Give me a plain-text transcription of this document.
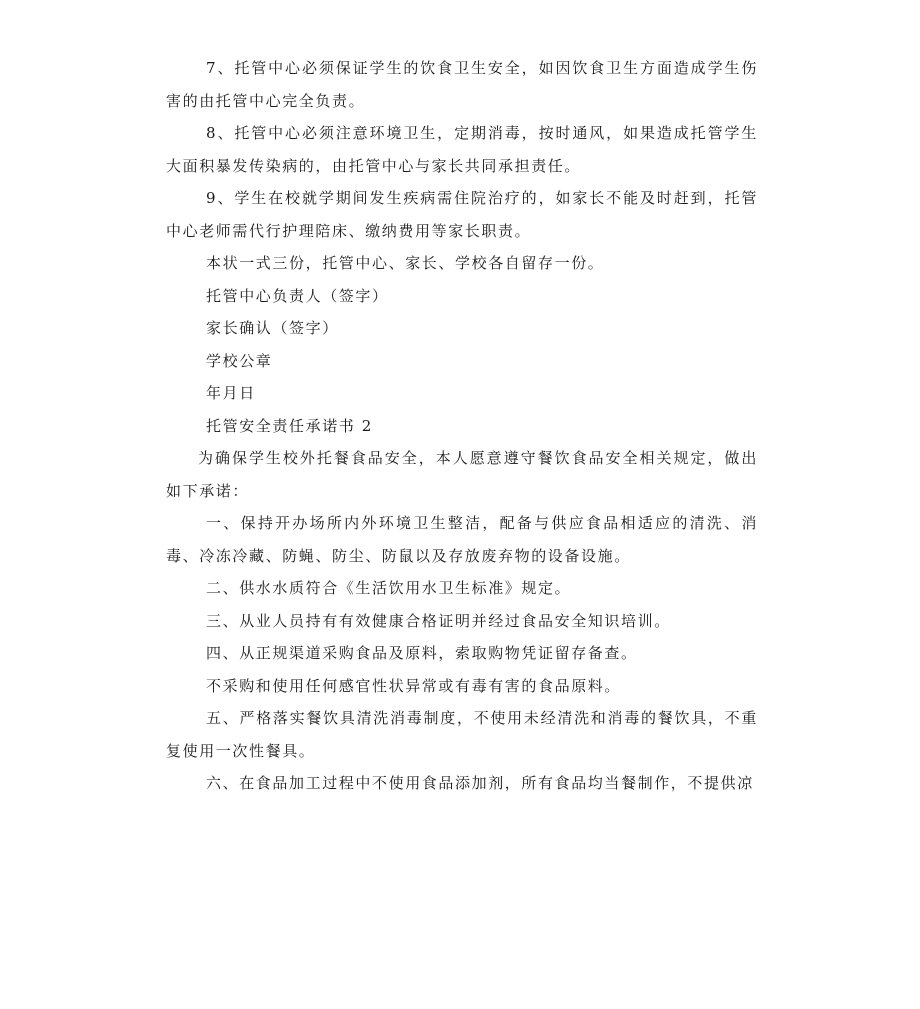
7、托管中心必须保证学生的饮食卫生安全，如因饮食卫生方面造成学生伤害的由托管中心完全负责。

8、托管中心必须注意环境卫生，定期消毒，按时通风，如果造成托管学生大面积暴发传染病的，由托管中心与家长共同承担责任。

9、学生在校就学期间发生疾病需住院治疗的，如家长不能及时赶到，托管中心老师需代行护理陪床、缴纳费用等家长职责。

本状一式三份，托管中心、家长、学校各自留存一份。

托管中心负责人（签字）

家长确认（签字）

学校公章

年月日

托管安全责任承诺书 2

为确保学生校外托餐食品安全，本人愿意遵守餐饮食品安全相关规定，做出如下承诺：

一、保持开办场所内外环境卫生整洁，配备与供应食品相适应的清洗、消毒、冷冻冷藏、防蝇、防尘、防鼠以及存放废弃物的设备设施。

二、供水水质符合《生活饮用水卫生标准》规定。

三、从业人员持有有效健康合格证明并经过食品安全知识培训。

四、从正规渠道采购食品及原料，索取购物凭证留存备查。

不采购和使用任何感官性状异常或有毒有害的食品原料。

五、严格落实餐饮具清洗消毒制度，不使用未经清洗和消毒的餐饮具，不重复使用一次性餐具。

六、在食品加工过程中不使用食品添加剂，所有食品均当餐制作，不提供凉
